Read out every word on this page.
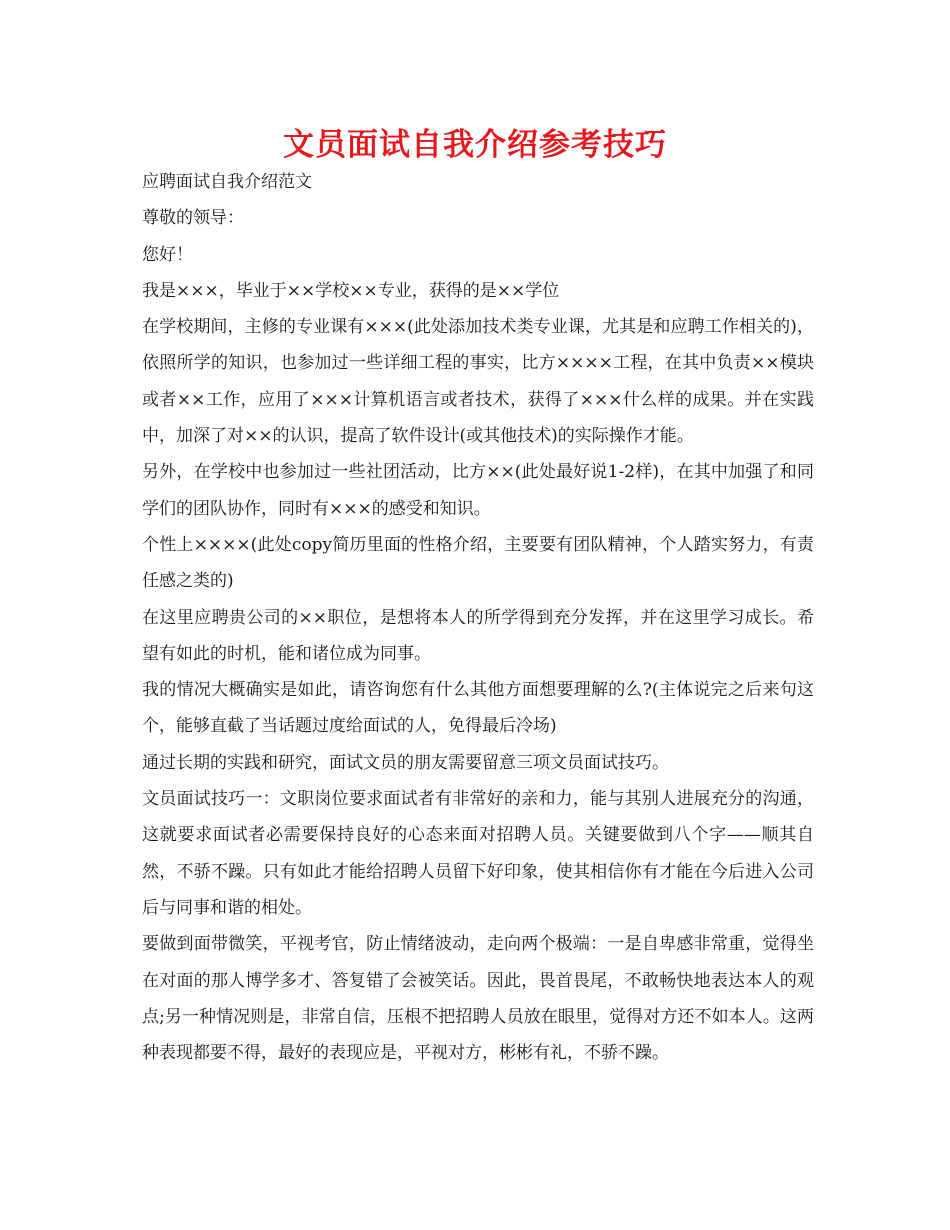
文员面试自我介绍参考技巧

应聘面试自我介绍范文

尊敬的领导：

您好！

我是×××，毕业于××学校××专业，获得的是××学位

在学校期间，主修的专业课有×××(此处添加技术类专业课，尤其是和应聘工作相关的)，依照所学的知识，也参加过一些详细工程的事实，比方××××工程，在其中负责××模块或者××工作，应用了×××计算机语言或者技术，获得了×××什么样的成果。并在实践中，加深了对××的认识，提高了软件设计(或其他技术)的实际操作才能。

另外，在学校中也参加过一些社团活动，比方××(此处最好说1-2样)，在其中加强了和同学们的团队协作，同时有×××的感受和知识。

个性上××××(此处copy简历里面的性格介绍，主要要有团队精神，个人踏实努力，有责任感之类的)

在这里应聘贵公司的××职位，是想将本人的所学得到充分发挥，并在这里学习成长。希望有如此的时机，能和诸位成为同事。

我的情况大概确实是如此，请咨询您有什么其他方面想要理解的么?(主体说完之后来句这个，能够直截了当话题过度给面试的人，免得最后冷场)

通过长期的实践和研究，面试文员的朋友需要留意三项文员面试技巧。

文员面试技巧一：文职岗位要求面试者有非常好的亲和力，能与其别人进展充分的沟通，这就要求面试者必需要保持良好的心态来面对招聘人员。关键要做到八个字——顺其自然，不骄不躁。只有如此才能给招聘人员留下好印象，使其相信你有才能在今后进入公司后与同事和谐的相处。

要做到面带微笑，平视考官，防止情绪波动，走向两个极端：一是自卑感非常重，觉得坐在对面的那人博学多才、答复错了会被笑话。因此，畏首畏尾，不敢畅快地表达本人的观点;另一种情况则是，非常自信，压根不把招聘人员放在眼里，觉得对方还不如本人。这两种表现都要不得，最好的表现应是，平视对方，彬彬有礼，不骄不躁。
